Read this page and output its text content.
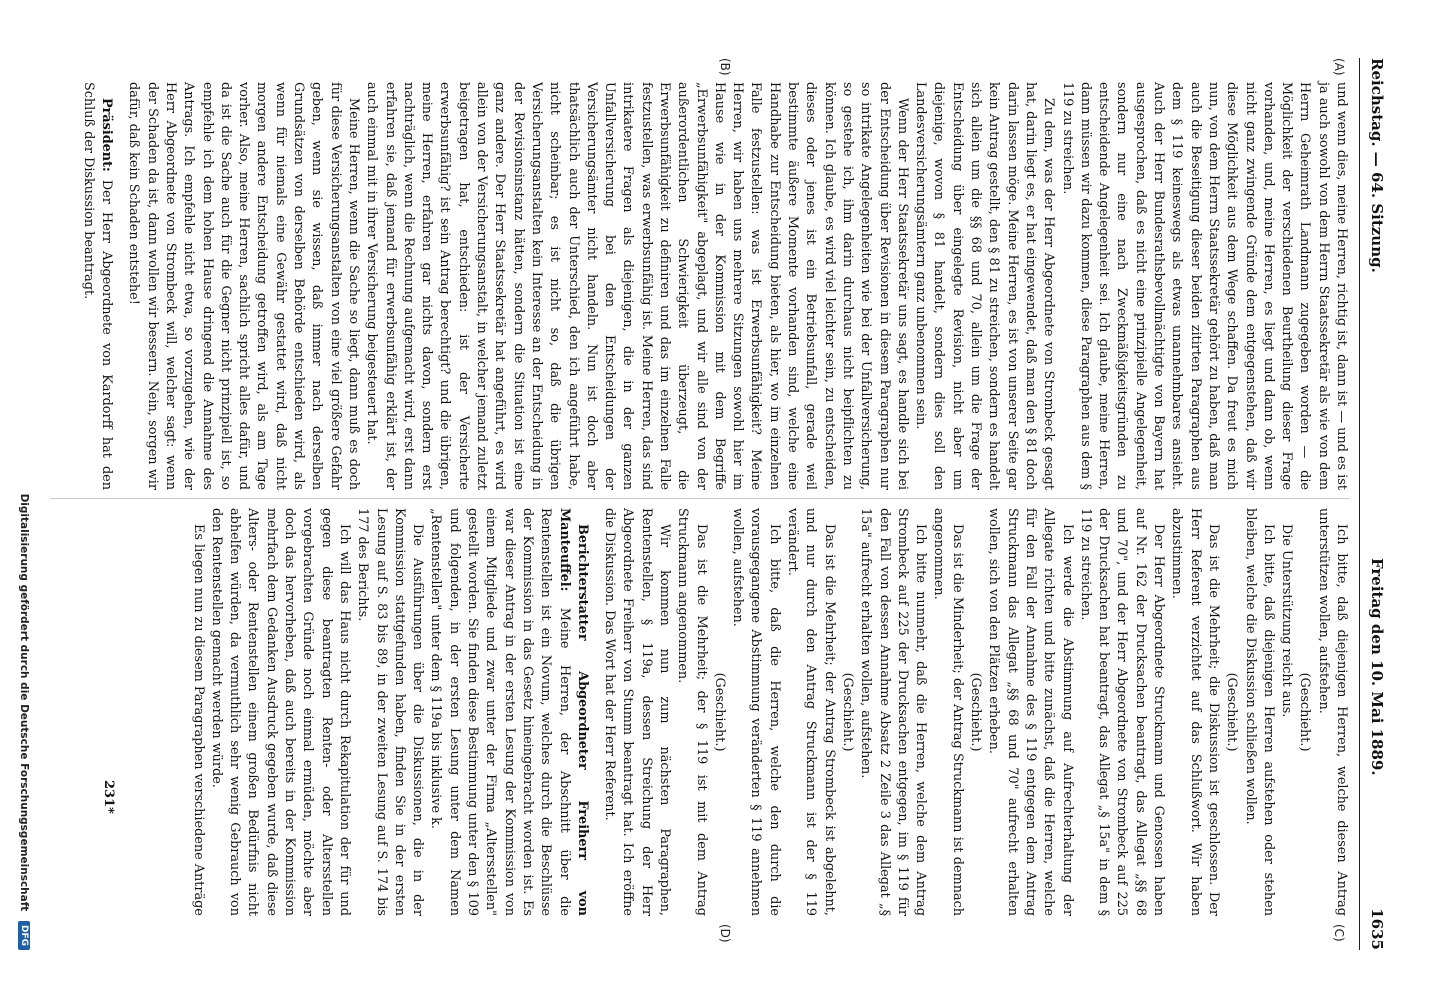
Reichstag. — 64. Sitzung.
Freitag den 10. Mai 1889.
1635
(A)
(B)
(C)
(D)

und wenn dies, meine Herren, richtig ist, dann ist — und es ist ja auch sowohl von dem Herrn Staatssekretär als wie von dem Herrn Geheimrath Landmann zugegeben worden — die Möglichkeit der verschiedenen Beurtheilung dieser Frage vorhanden, und, meine Herren, es liegt und dann ob, wenn nicht ganz zwingende Gründe dem entgegenstehen, daß wir diese Möglichkeit aus dem Wege schaffen. Da freut es mich nun, von dem Herrn Staatssekretär gehört zu haben, daß man auch die Beseitigung dieser beiden zitirten Paragraphen aus dem § 119 keineswegs als etwas unannehmbares ansieht. Auch der Herr Bundesrathsbevollmächtigte von Bayern hat ausgesprochen, daß es nicht eine prinzipielle Angelegenheit, sondern nur eine nach Zweckmäßigkeitsgründen zu entscheidende Angelegenheit sei. Ich glaube, meine Herren, dann müssen wir dazu kommen, diese Paragraphen aus dem § 119 zu streichen.

Zu dem, was der Herr Abgeordnete von Strombeck gesagt hat, darin liegt es, er hat eingewendet, daß man den § 81 doch darin lassen möge. Meine Herren, es ist von unserer Seite gar kein Antrag gestellt, den § 81 zu streichen, sondern es handelt sich allein um die §§ 68 und 70, allein um die Frage der Entscheidung über eingelegte Revision, nicht aber um diejenige, wovon § 81 handelt, sondern dies soll den Landesversicherungsämtern ganz unbenommen sein.

Wenn der Herr Staatssekretär uns sagt, es handle sich bei der Entscheidung über Revisionen in diesem Paragraphen nur so intrikate Angelegenheiten wie bei der Unfallversicherung, so gestehe ich, ihm darin durchaus nicht beipflichten zu können. Ich glaube, es wird viel leichter sein, zu entscheiden, dieses oder jenes ist ein Betriebsunfall, gerade weil bestimmte äußere Momente vorhanden sind, welche eine Handhabe zur Entscheidung bieten, als hier, wo im einzelnen Falle festzustellen: was ist Erwerbsunfähigkeit? Meine Herren, wir haben uns mehrere Sitzungen sowohl hier im Hause wie in der Kommission mit dem Begriffe „Erwerbsunfähigkeit" abgeplagt, und wir alle sind von der außerordentlichen Schwierigkeit überzeugt, die Erwerbsunfähigkeit zu definiren und das im einzelnen Falle festzustellen, was erwerbsunfähig ist. Meine Herren, das sind intrikatere Fragen als diejenigen, die in der ganzen Unfallversicherung bei den Entscheidungen der Versicherungsämter nicht handeln. Nun ist doch aber thatsächlich auch der Unterschied, den ich angeführt habe, nicht scheinbar; es ist nicht so, daß die übrigen Versicherungsanstalten kein Interesse an der Entscheidung in der Revisionsinstanz hätten, sondern die Situation ist eine ganz andere. Der Herr Staatssekretär hat angeführt, es wird allein von der Versicherungsanstalt, in welcher jemand zuletzt beigetragen hat, entschieden: ist der Versicherte erwerbsunfähig? ist sein Antrag berechtigt? und die übrigen, meine Herren, erfahren gar nichts davon, sondern erst nachträglich, wenn die Rechnung aufgemacht wird, erst dann erfahren sie, daß jemand für erwerbsunfähig erklärt ist, der auch einmal mit in ihrer Versicherung beigesteuert hat.

Meine Herren, wenn die Sache so liegt, dann muß es doch für diese Versicherungsanstalten von eine viel größere Gefahr geben, wenn sie wissen, daß immer nach derselben Grundsätzen von derselben Behörde entschieden wird, als wenn für niemals eine Gewähr gestattet wird, daß nicht morgen andere Entscheidung getroffen wird, als am Tage vorher. Also, meine Herren, sachlich spricht alles dafür, und da ist die Sache auch für die Gegner nicht prinzipiell ist, so empfehle ich dem hohen Hause dringend die Annahme des Antrags. Ich empfehle nicht etwa, so vorzugehen, wie der Herr Abgeordnete von Strombeck will, welcher sagt: wenn der Schaden da ist, dann wollen wir bessern. Nein, sorgen wir dafür, daß kein Schaden entstehe!

Präsident: Der Herr Abgeordnete von Kardorff hat den Schluß der Diskussion beantragt.

Ich bitte, daß diejenigen Herren, welche diesen Antrag unterstützen wollen, aufstehen.

(Geschieht.)

Die Unterstützung reicht aus.

Ich bitte, daß diejenigen Herren aufstehen oder stehen bleiben, welche die Diskussion schließen wollen.

(Geschieht.)

Das ist die Mehrheit; die Diskussion ist geschlossen. Der Herr Referent verzichtet auf das Schlußwort. Wir haben abzustimmen.

Der Herr Abgeordnete Struckmann und Genossen haben auf Nr. 162 der Drucksachen beantragt, das Allegat „§§ 68 und 70", und der Herr Abgeordnete von Strombeck auf 225 der Drucksachen hat beantragt, das Allegat „§ 15a" in dem § 119 zu streichen.

Ich werde die Abstimmung auf Aufrechterhaltung der Allegate richten und bitte zunächst, daß die Herren, welche für den Fall der Annahme des § 119 entgegen dem Antrag Struckmann das Allegat „§§ 68 und 70" aufrecht erhalten wollen, sich von den Plätzen erheben.

(Geschieht.)

Das ist die Minderheit; der Antrag Struckmann ist demnach angenommen.

Ich bitte nunmehr, daß die Herren, welche dem Antrag Strombeck auf 225 der Drucksachen entgegen, im § 119 für den Fall von dessen Annahme Absatz 2 Zeile 3 das Allegat „§ 15a" aufrecht erhalten wollen, aufstehen.

(Geschieht.)

Das ist die Mehrheit; der Antrag Strombeck ist abgelehnt, und nur durch den Antrag Struckmann ist der § 119 verändert.

Ich bitte, daß die Herren, welche den durch die vorausgegangene Abstimmung veränderten § 119 annehmen wollen, aufstehen.

(Geschieht.)

Das ist die Mehrheit; der § 119 ist mit dem Antrag Struckmann angenommen.

Wir kommen nun zum nächsten Paragraphen, Rentenstellen, § 119a, dessen Streichung der Herr Abgeordnete Freiherr von Stumm beantragt hat. Ich eröffne die Diskussion. Das Wort hat der Herr Referent.

Berichterstatter Abgeordneter Freiherr von Manteuffel: Meine Herren, der Abschnitt über die Rentenstellen ist ein Novum, welches durch die Beschlüsse der Kommission in das Gesetz hineingebracht worden ist. Es war dieser Antrag in der ersten Lesung der Kommission von einem Mitgliede und zwar unter der Firma „Altersstellen" gestellt worden. Sie finden diese Bestimmung unter den § 109 und folgenden, in der ersten Lesung unter dem Namen „Rentenstellen" unter dem § 119a bis inklusive k.

Die Ausführungen über die Diskussionen, die in der Kommission stattgefunden haben, finden Sie in der ersten Lesung auf S. 83 bis 89, in der zweiten Lesung auf S. 174 bis 177 des Berichts.

Ich will das Haus nicht durch Rekapitulation der für und gegen diese beantragten Renten- oder Altersstellen vorgebrachten Gründe noch einmal ermüden, möchte aber doch das hervorheben, daß auch bereits in der Kommission mehrfach dem Gedanken Ausdruck gegeben wurde, daß diese Alters- oder Rentenstellen einem großen Bedürfnis nicht abhelfen würden, da vermuthlich sehr wenig Gebrauch von den Rentenstellen gemacht werden würde.

Es liegen nun zu diesem Paragraphen verschiedene Anträge

231*
Digitalisierung gefördert durch die Deutsche Forschungsgemeinschaft DFG
